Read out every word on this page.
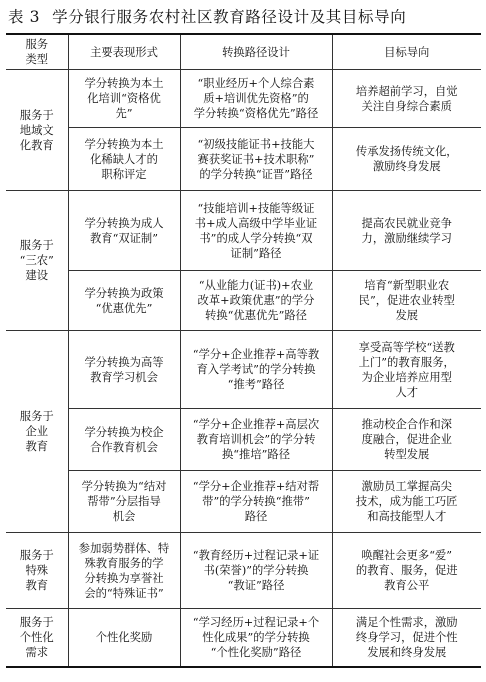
表 3 学分银行服务农村社区教育路径设计及其目标导向
服务
类型	主要表现形式	转换路径设计	目标导向
服务于
地域文
化教育	学分转换为本土
化培训“资格优
先”	“职业经历+个人综合素
质+培训优先资格”的
学分转换“资格优先”路径	培养超前学习，自觉
关注自身综合素质
	学分转换为本土
化稀缺人才的
职称评定	“初级技能证书+技能大
赛获奖证书+技术职称”
的学分转换“证晋”路径	传承发扬传统文化，
激励终身发展
服务于
“三农”
建设	学分转换为成人
教育“双证制”	“技能培训+技能等级证
书+成人高级中学毕业证
书”的成人学分转换“双
证制”路径	提高农民就业竞争
力，激励继续学习
	学分转换为政策
“优惠优先”	“从业能力(证书)+农业
改革+政策优惠”的学分
转换“优惠优先”路径	培育“新型职业农
民”，促进农业转型
发展
服务于
企业
教育	学分转换为高等
教育学习机会	“学分+企业推荐+高等教
育入学考试”的学分转换
“推考”路径	享受高等学校“送教
上门”的教育服务，
为企业培养应用型
人才
	学分转换为校企
合作教育机会	“学分+企业推荐+高层次
教育培训机会”的学分转
换“推培”路径	推动校企合作和深
度融合，促进企业
转型发展
	学分转换为“结对
帮带”分层指导
机会	“学分+企业推荐+结对帮
带”的学分转换“推带”
路径	激励员工掌握高尖
技术，成为能工巧匠
和高技能型人才
服务于
特殊
教育	参加弱势群体、特
殊教育服务的学
分转换为享誉社
会的“特殊证书”	“教育经历+过程记录+证
书(荣誉)”的学分转换
“教证”路径	唤醒社会更多“爱”
的教育、服务，促进
教育公平
服务于
个性化
需求	个性化奖励	“学习经历+过程记录+个
性化成果”的学分转换
“个性化奖励”路径	满足个性需求，激励
终身学习，促进个性
发展和终身发展
